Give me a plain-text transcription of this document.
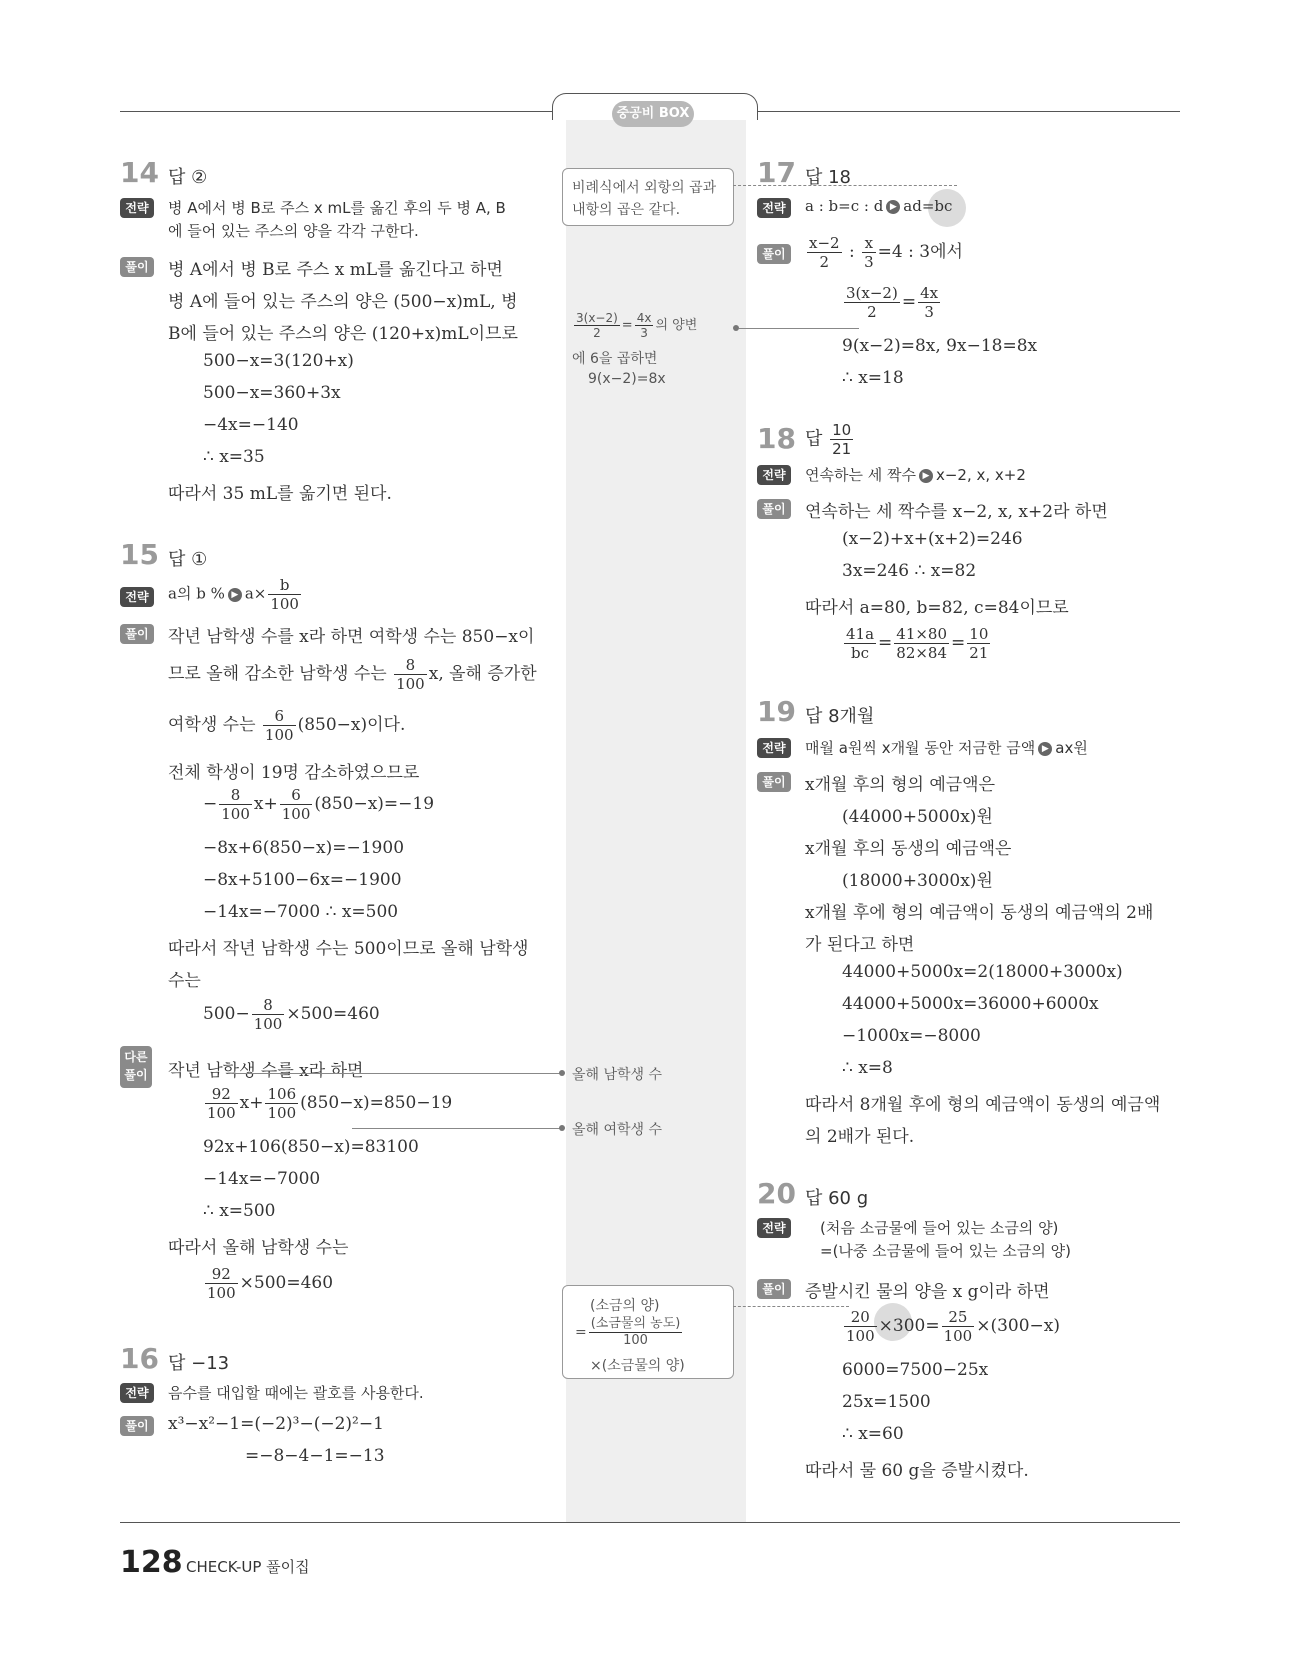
중공비 BOX
14 답 ②
전략	병 A에서 병 B로 주스 x mL를 옮긴 후의 두 병 A, B
에 들어 있는 주스의 양을 각각 구한다.
풀이	병 A에서 병 B로 주스 x mL를 옮긴다고 하면
병 A에 들어 있는 주스의 양은 (500−x)mL, 병
B에 들어 있는 주스의 양은 (120+x)mL이므로
500−x=3(120+x)
500−x=360+3x
−4x=−140
∴ x=35
따라서 35 mL를 옮기면 된다.
15 답 ①
전략	a의 b % ▶ $a\times \frac{b}{100}$
풀이	작년 남학생 수를 x라 하면 여학생 수는 850−x이
므로 올해 감소한 남학생 수는 $\frac{8}{100} x$, 올해 증가한
여학생 수는 $\frac{6}{100} (850-x)$이다.
전체 학생이 19명 감소하였으므로
− $\frac{8}{100} x+ \frac{6}{100} (850-x)=-19$
−8x+6(850−x)=−1900
−8x+5100−6x=−1900
−14x=−7000 ∴ x=500
따라서 작년 남학생 수는 500이므로 올해 남학생
수는
$500- \frac{8}{100} \times 500=460$
다른
풀이 작년 남학생 수를 x라 하면
$\frac{92}{100} x+ \frac{106}{100} (850-x)=850-19$
92x+106(850−x)=83100
−14x=−7000
∴ x=500
따라서 올해 남학생 수는
$\frac{92}{100} \times 500=460$
16 답 −13
전략	음수를 대입할 때에는 괄호를 사용한다.
풀이	x³−x²−1=(−2)³−(−2)²−1
=−8−4−1=−13
비례식에서 외항의 곱과
내항의 곱은 같다.
$\frac{3(x-2)}{2} = \frac{4x}{3}$ 의 양변
에 6을 곱하면
9(x−2)=8x
올해 남학생 수
올해 여학생 수
(소금의 양)
=
(소금물의 농도)
100
×(소금물의 양)
17 답 18
전략	a : b=c : d ▶ ad=bc
풀이	$\frac{x-2}{2}$ : $\frac{x}{3} =4$ : 3에서
$\frac{3(x-2)}{2} = \frac{4x}{3}$
9(x−2)=8x, 9x−18=8x
∴ x=18
18 답 $\frac{10}{21}$
전략	연속하는 세 짝수 ▶ x−2, x, x+2
풀이	연속하는 세 짝수를 x−2, x, x+2라 하면
(x−2)+x+(x+2)=246
3x=246 ∴ x=82
따라서 a=80, b=82, c=84이므로
$\frac{41a}{bc} = \frac{41\times 80}{82\times 84} = \frac{10}{21}$
19 답 8개월
전략	매월 a원씩 x개월 동안 저금한 금액 ▶ ax원
풀이	x개월 후의 형의 예금액은
(44000+5000x)원
x개월 후의 동생의 예금액은
(18000+3000x)원
x개월 후에 형의 예금액이 동생의 예금액의 2배
가 된다고 하면
44000+5000x=2(18000+3000x)
44000+5000x=36000+6000x
−1000x=−8000
∴ x=8
따라서 8개월 후에 형의 예금액이 동생의 예금액
의 2배가 된다.
20 답 60 g
전략	(처음 소금물에 들어 있는 소금의 양)
=(나중 소금물에 들어 있는 소금의 양)
풀이	증발시킨 물의 양을 x g이라 하면
$\frac{20}{100} \times 300= \frac{25}{100} \times(300-x)$
6000=7500−25x
25x=1500
∴ x=60
따라서 물 60 g을 증발시켰다.
128 CHECK-UP 풀이집
